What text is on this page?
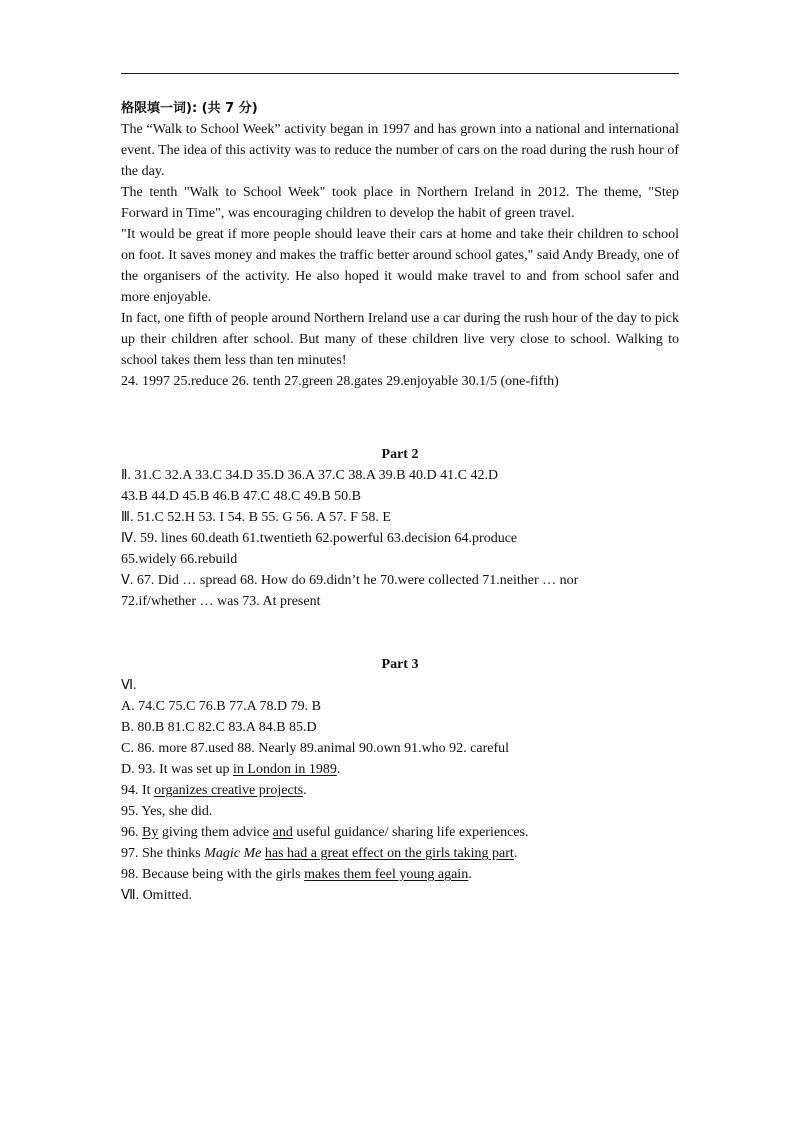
格限填一词): (共 7 分)

The “Walk to School Week” activity began in 1997 and has grown into a national and international event. The idea of this activity was to reduce the number of cars on the road during the rush hour of the day.

The tenth "Walk to School Week" took place in Northern Ireland in 2012. The theme, "Step Forward in Time", was encouraging children to develop the habit of green travel.

"It would be great if more people should leave their cars at home and take their children to school on foot. It saves money and makes the traffic better around school gates," said Andy Bready, one of the organisers of the activity. He also hoped it would make travel to and from school safer and more enjoyable.

In fact, one fifth of people around Northern Ireland use a car during the rush hour of the day to pick up their children after school. But many of these children live very close to school. Walking to school takes them less than ten minutes!

24. 1997 25.reduce 26. tenth 27.green 28.gates 29.enjoyable 30.1/5 (one-fifth)

Part 2

Ⅱ. 31.C 32.A 33.C 34.D 35.D 36.A 37.C 38.A 39.B 40.D 41.C 42.D

43.B 44.D 45.B 46.B 47.C 48.C 49.B 50.B

Ⅲ. 51.C 52.H 53. I 54. B 55. G 56. A 57. F 58. E

Ⅳ. 59. lines 60.death 61.twentieth 62.powerful 63.decision 64.produce

65.widely 66.rebuild

Ⅴ. 67. Did … spread 68. How do 69.didn’t he 70.were collected 71.neither … nor

72.if/whether … was 73. At present

Part 3

Ⅵ.

A. 74.C 75.C 76.B 77.A 78.D 79. B

B. 80.B 81.C 82.C 83.A 84.B 85.D

C. 86. more 87.used 88. Nearly 89.animal 90.own 91.who 92. careful

D. 93. It was set up in London in 1989.

94. It organizes creative projects.

95. Yes, she did.

96. By giving them advice and useful guidance/ sharing life experiences.

97. She thinks Magic Me has had a great effect on the girls taking part.

98. Because being with the girls makes them feel young again.

Ⅶ. Omitted.
